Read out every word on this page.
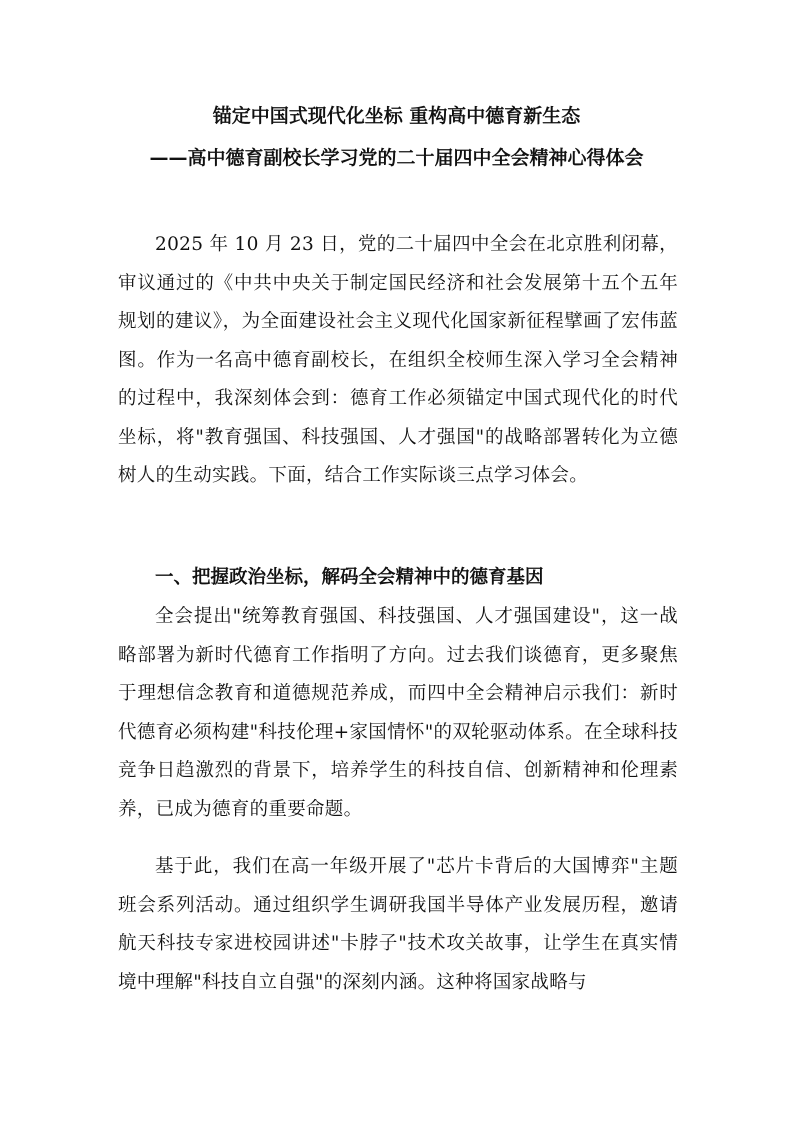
锚定中国式现代化坐标 重构高中德育新生态
——高中德育副校长学习党的二十届四中全会精神心得体会

2025 年 10 月 23 日，党的二十届四中全会在北京胜利闭幕，审议通过的《中共中央关于制定国民经济和社会发展第十五个五年规划的建议》，为全面建设社会主义现代化国家新征程擘画了宏伟蓝图。作为一名高中德育副校长，在组织全校师生深入学习全会精神的过程中，我深刻体会到：德育工作必须锚定中国式现代化的时代坐标，将"教育强国、科技强国、人才强国"的战略部署转化为立德树人的生动实践。下面，结合工作实际谈三点学习体会。

一、把握政治坐标，解码全会精神中的德育基因

全会提出"统筹教育强国、科技强国、人才强国建设"，这一战略部署为新时代德育工作指明了方向。过去我们谈德育，更多聚焦于理想信念教育和道德规范养成，而四中全会精神启示我们：新时代德育必须构建"科技伦理+家国情怀"的双轮驱动体系。在全球科技竞争日趋激烈的背景下，培养学生的科技自信、创新精神和伦理素养，已成为德育的重要命题。

基于此，我们在高一年级开展了"芯片卡背后的大国博弈"主题班会系列活动。通过组织学生调研我国半导体产业发展历程，邀请航天科技专家进校园讲述"卡脖子"技术攻关故事，让学生在真实情境中理解"科技自立自强"的深刻内涵。这种将国家战略与
